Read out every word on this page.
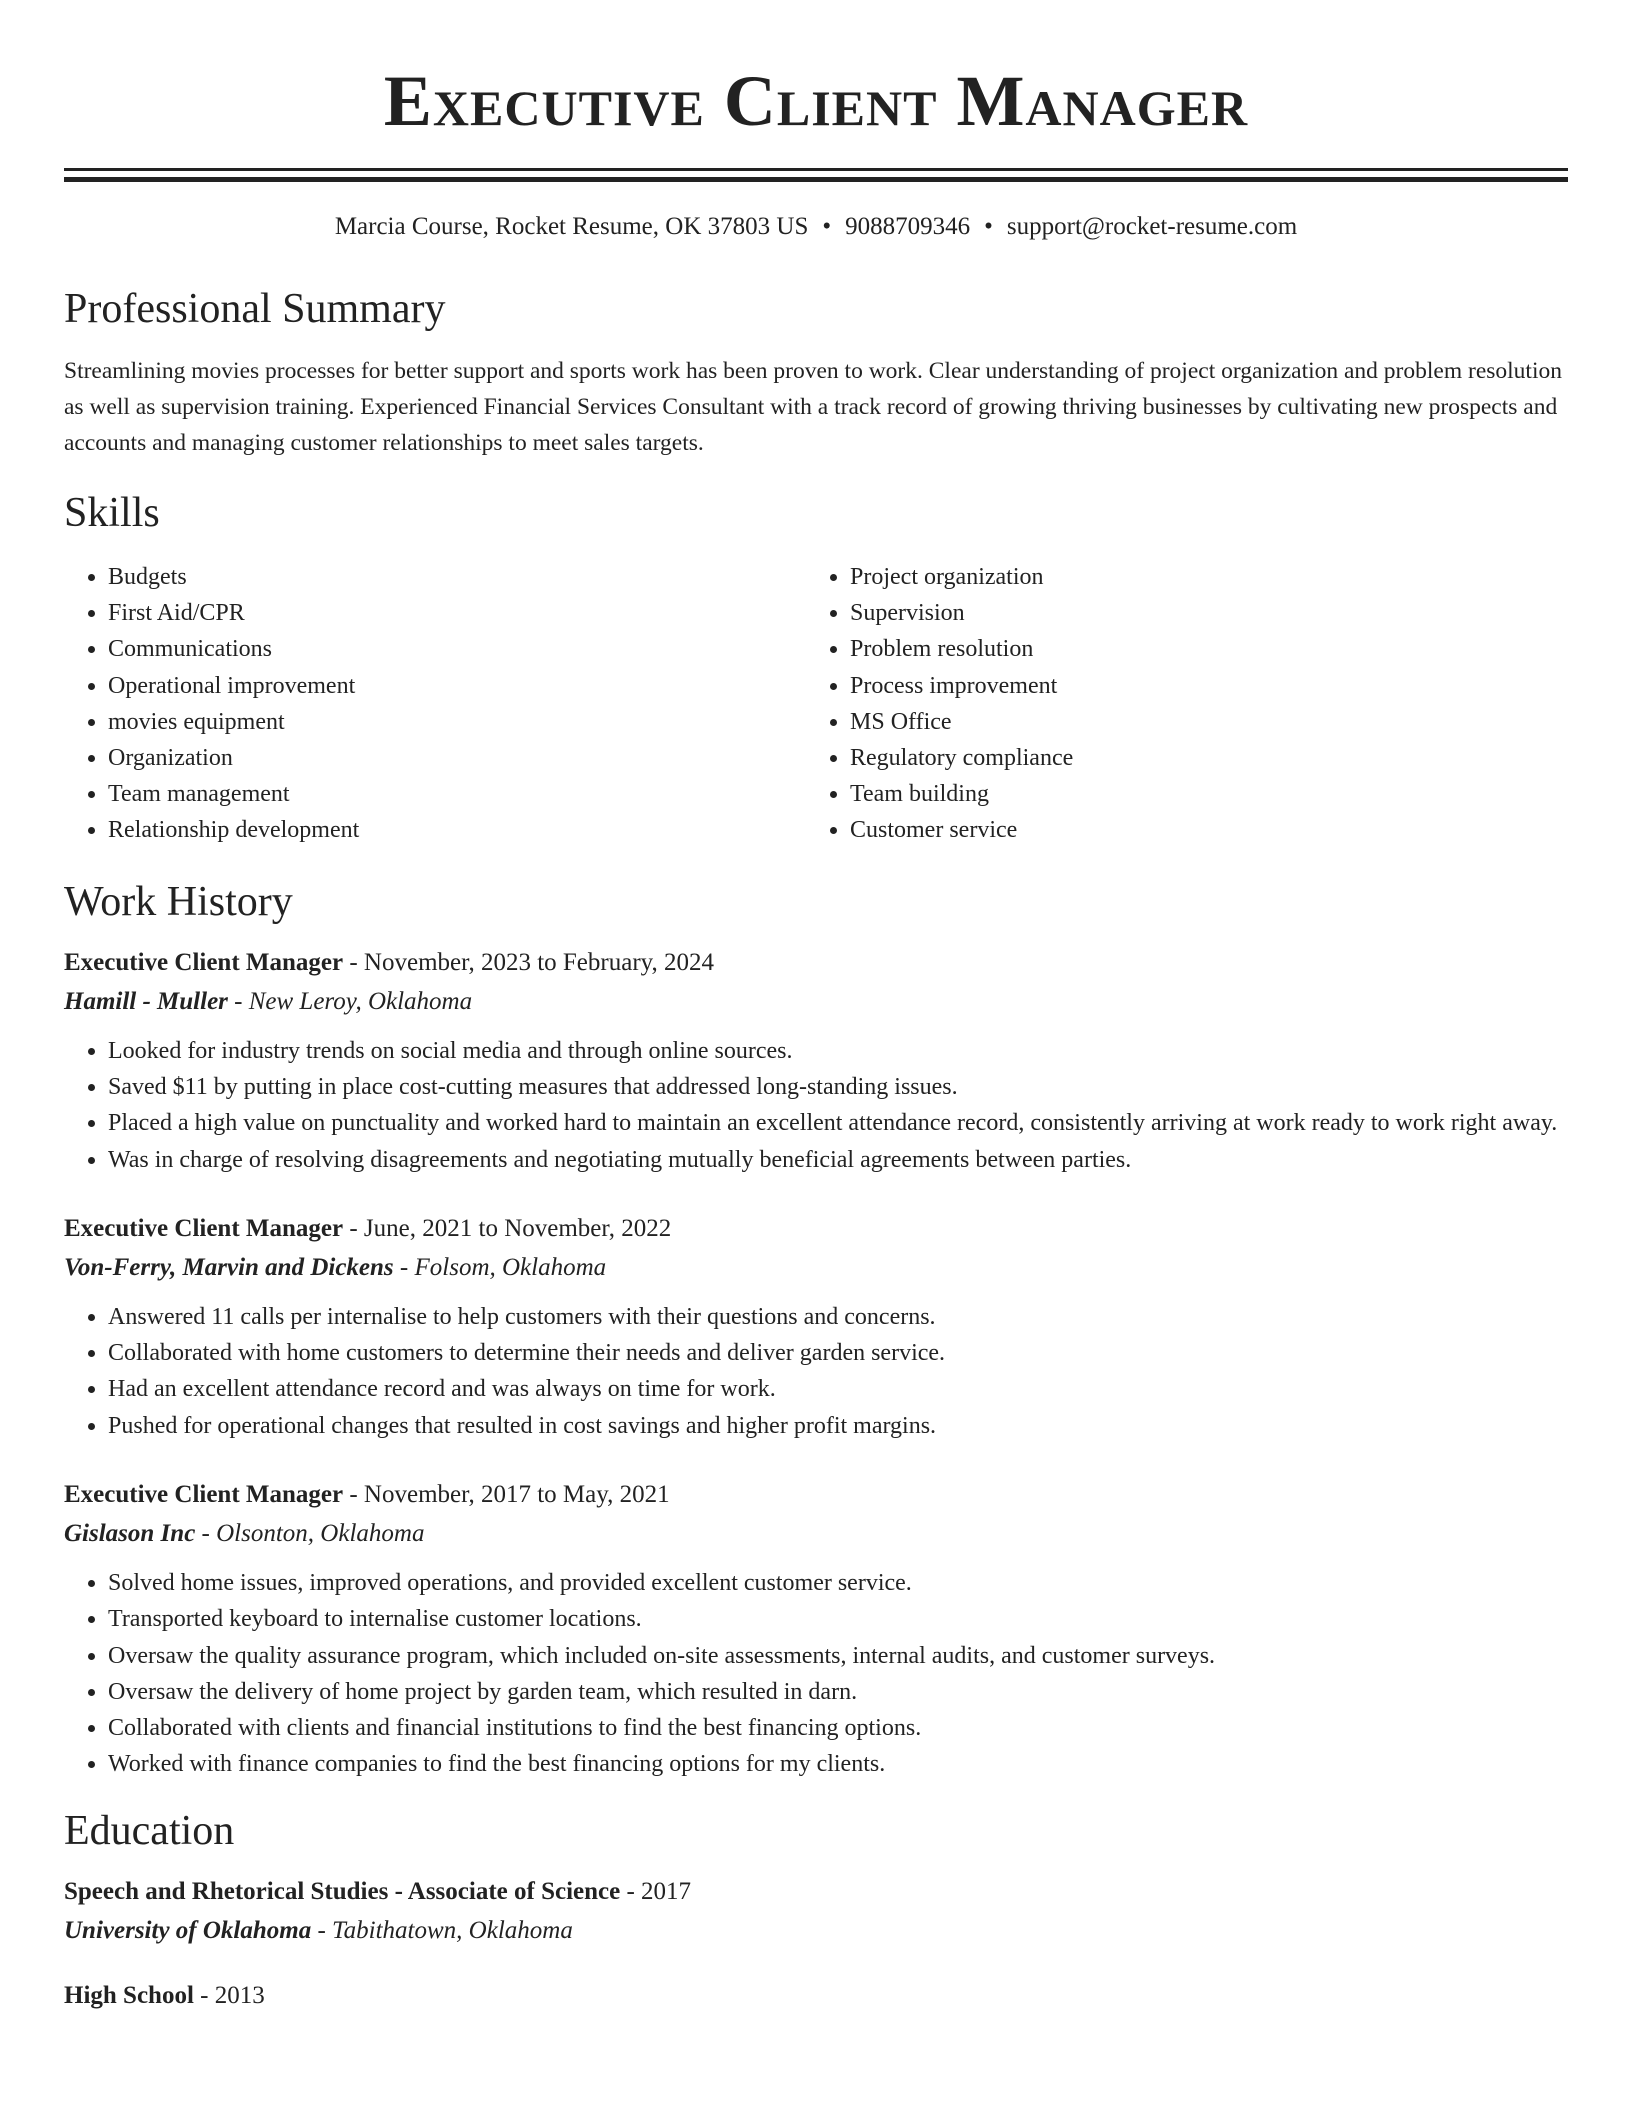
Executive Client Manager
Marcia Course, Rocket Resume, OK 37803 US • 9088709346 • support@rocket-resume.com
Professional Summary

Streamlining movies processes for better support and sports work has been proven to work. Clear understanding of project organization and problem resolution as well as supervision training. Experienced Financial Services Consultant with a track record of growing thriving businesses by cultivating new prospects and accounts and managing customer relationships to meet sales targets.

Skills
• Budgets
• First Aid/CPR
• Communications
• Operational improvement
• movies equipment
• Organization
• Team management
• Relationship development
• Project organization
• Supervision
• Problem resolution
• Process improvement
• MS Office
• Regulatory compliance
• Team building
• Customer service
Work History
Executive Client Manager - November, 2023 to February, 2024
Hamill - Muller - New Leroy, Oklahoma
• Looked for industry trends on social media and through online sources.
• Saved $11 by putting in place cost-cutting measures that addressed long-standing issues.
• Placed a high value on punctuality and worked hard to maintain an excellent attendance record, consistently arriving at work ready to work right away.
• Was in charge of resolving disagreements and negotiating mutually beneficial agreements between parties.
Executive Client Manager - June, 2021 to November, 2022
Von-Ferry, Marvin and Dickens - Folsom, Oklahoma
• Answered 11 calls per internalise to help customers with their questions and concerns.
• Collaborated with home customers to determine their needs and deliver garden service.
• Had an excellent attendance record and was always on time for work.
• Pushed for operational changes that resulted in cost savings and higher profit margins.
Executive Client Manager - November, 2017 to May, 2021
Gislason Inc - Olsonton, Oklahoma
• Solved home issues, improved operations, and provided excellent customer service.
• Transported keyboard to internalise customer locations.
• Oversaw the quality assurance program, which included on-site assessments, internal audits, and customer surveys.
• Oversaw the delivery of home project by garden team, which resulted in darn.
• Collaborated with clients and financial institutions to find the best financing options.
• Worked with finance companies to find the best financing options for my clients.
Education
Speech and Rhetorical Studies - Associate of Science - 2017
University of Oklahoma - Tabithatown, Oklahoma
High School - 2013
